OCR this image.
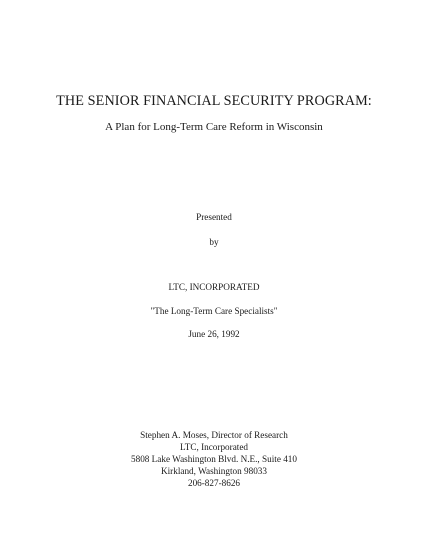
THE SENIOR FINANCIAL SECURITY PROGRAM:
A Plan for Long-Term Care Reform in Wisconsin
Presented
by
LTC, INCORPORATED
"The Long-Term Care Specialists"
June 26, 1992
Stephen A. Moses, Director of Research
LTC, Incorporated
5808 Lake Washington Blvd. N.E., Suite 410
Kirkland, Washington 98033
206-827-8626
